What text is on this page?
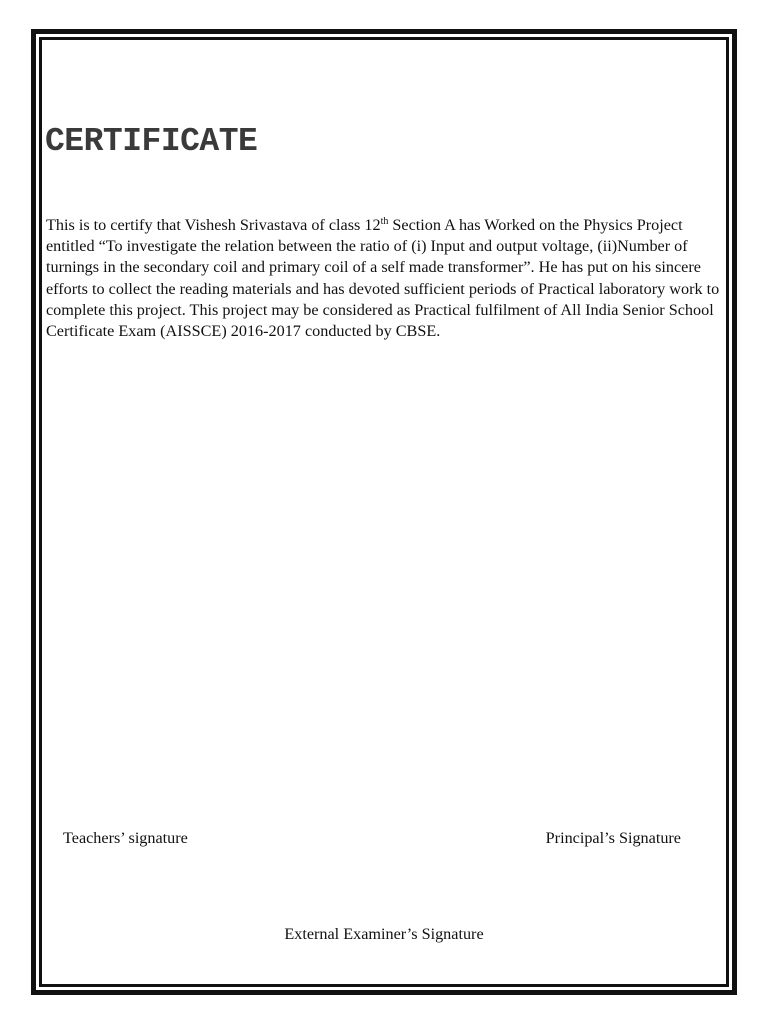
CERTIFICATE

This is to certify that Vishesh Srivastava of class 12th Section A has Worked on the Physics Project entitled “To investigate the relation between the ratio of (i) Input and output voltage, (ii)Number of turnings in the secondary coil and primary coil of a self made transformer”. He has put on his sincere efforts to collect the reading materials and has devoted sufficient periods of Practical laboratory work to complete this project. This project may be considered as Practical fulfilment of All India Senior School Certificate Exam (AISSCE) 2016-2017 conducted by CBSE.

Teachers’ signature	Principal’s Signature
External Examiner’s Signature
